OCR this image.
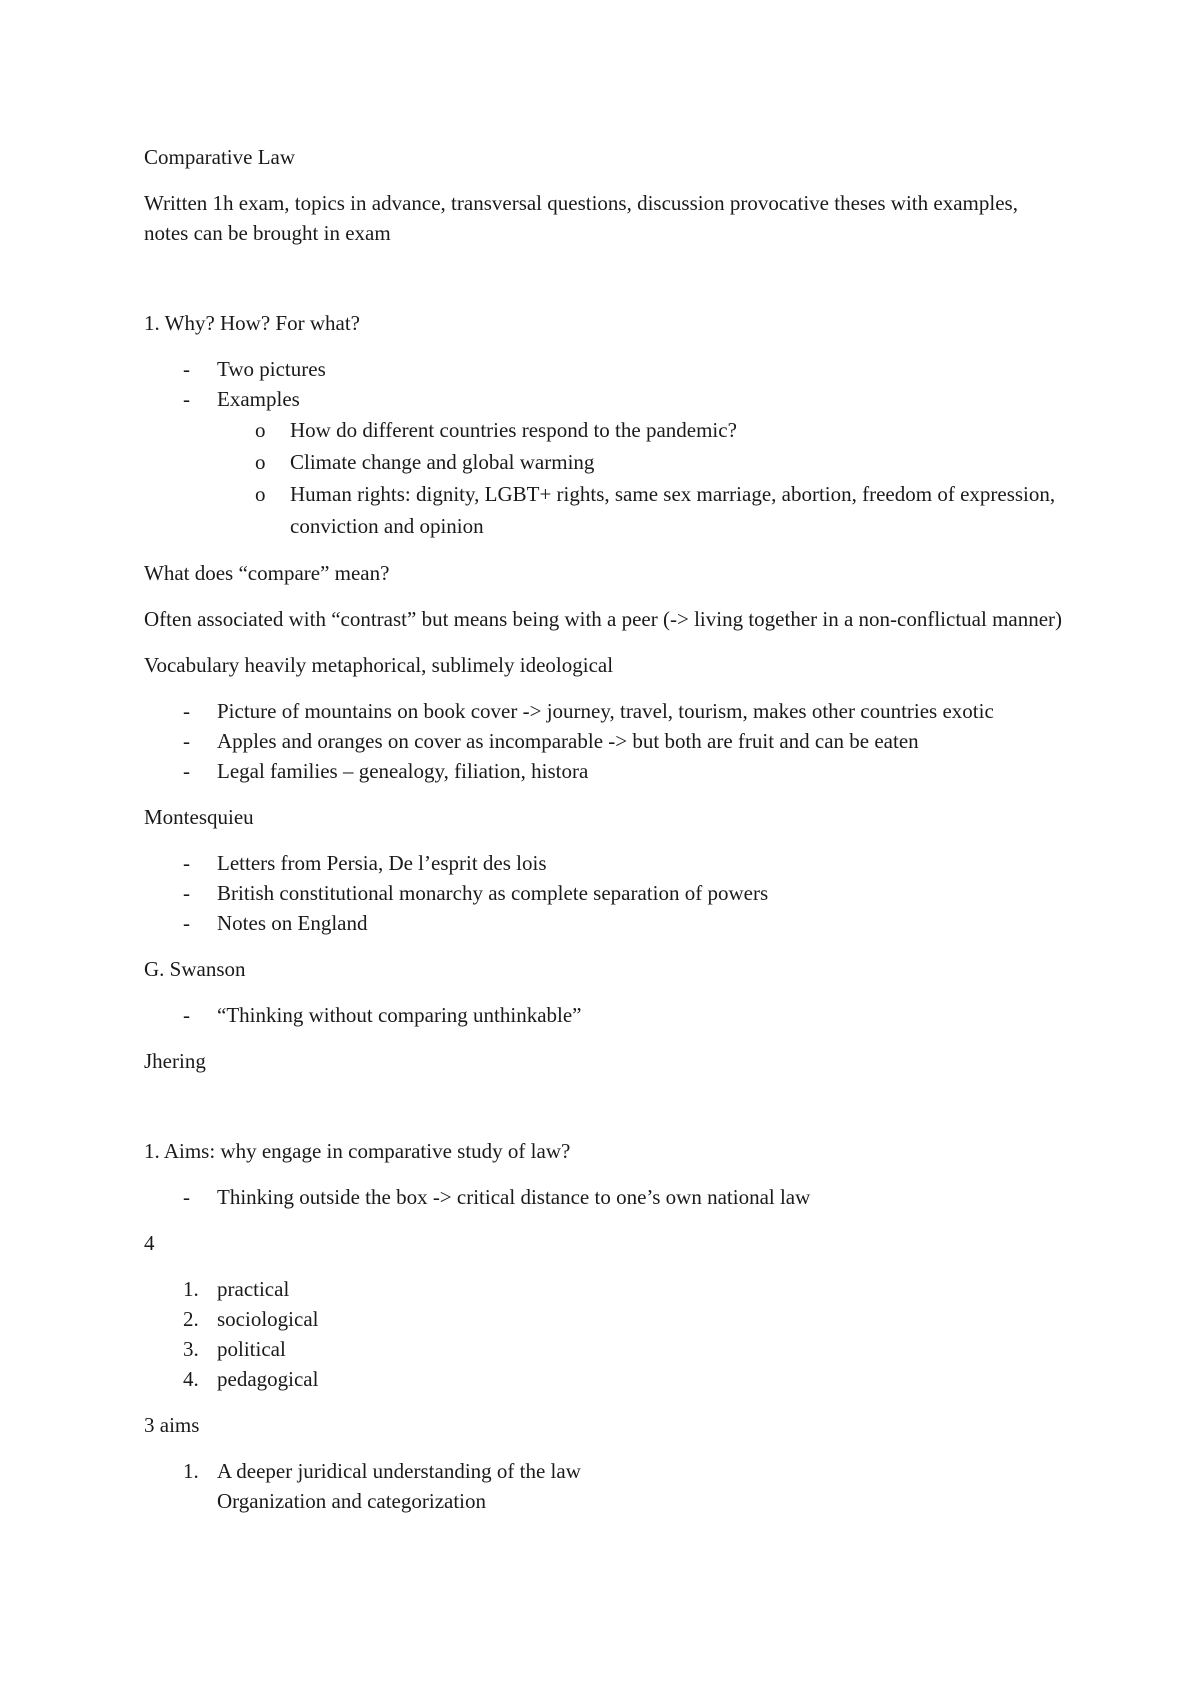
Comparative Law

Written 1h exam, topics in advance, transversal questions, discussion provocative theses with examples, notes can be brought in exam

1. Why? How? For what?

- Two pictures
- Examples
o How do different countries respond to the pandemic?
o Climate change and global warming
o Human rights: dignity, LGBT+ rights, same sex marriage, abortion, freedom of expression, conviction and opinion

What does “compare” mean?

Often associated with “contrast” but means being with a peer (-> living together in a non-conflictual manner)

Vocabulary heavily metaphorical, sublimely ideological

- Picture of mountains on book cover -> journey, travel, tourism, makes other countries exotic
- Apples and oranges on cover as incomparable -> but both are fruit and can be eaten
- Legal families – genealogy, filiation, histora

Montesquieu

- Letters from Persia, De l’esprit des lois
- British constitutional monarchy as complete separation of powers
- Notes on England

G. Swanson

- “Thinking without comparing unthinkable”

Jhering

1. Aims: why engage in comparative study of law?

- Thinking outside the box -> critical distance to one’s own national law

4

1. practical
2. sociological
3. political
4. pedagogical

3 aims

1. A deeper juridical understanding of the law
Organization and categorization
